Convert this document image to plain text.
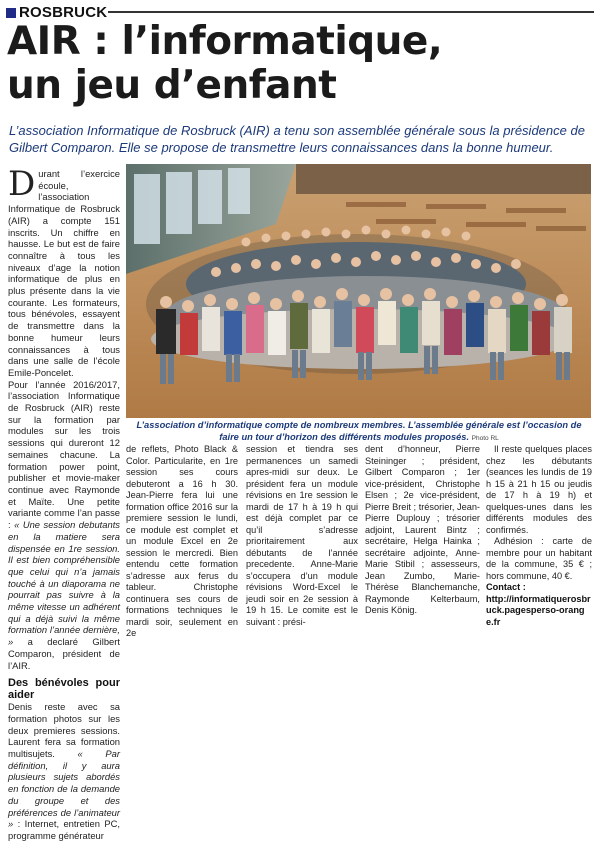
ROSBRUCK
AIR : l’informatique,
un jeu d’enfant

L’association Informatique de Rosbruck (AIR) a tenu son assemblée générale sous la présidence de Gilbert Comparon. Elle se propose de transmettre leurs connaissances dans la bonne humeur.

Durant l’exercice écoule, l’association Informatique de Rosbruck (AIR) a compte 151 inscrits. Un chiffre en hausse. Le but est de faire connaître à tous les niveaux d’age la notion informatique de plus en plus présente dans la vie courante. Les formateurs, tous bénévoles, essayent de transmettre dans la bonne humeur leurs connaissances à tous dans une salle de l’école Emile-Poncelet.

Pour l’année 2016/2017, l’association Informatique de Rosbruck (AIR) reste sur la formation par modules sur les trois sessions qui dureront 12 semaines chacune. La formation power point, publisher et movie-maker continue avec Raymonde et Maïte. Une petite variante comme l’an passe : « Une session debutants en la matiere sera dispensée en 1re session. Il est bien compréhensible que celui qui n’a jamais touché à un diaporama ne pourrait pas suivre à la même vitesse un adhérent qui a déjà suivi la même formation l’année dernière, » a declaré Gilbert Comparon, président de l’AIR.

Des bénévoles pour aider

Denis reste avec sa formation photos sur les deux premieres sessions. Laurent fera sa formation multisujets. « Par définition, il y aura plusieurs sujets abordés en fonction de la demande du groupe et des préférences de l’animateur » : Internet, entretien PC, programme générateur

L’association d’informatique compte de nombreux membres. L’assemblée générale est l’occasion de faire un tour d’horizon des différents modules proposés. Photo RL

de reflets, Photo Black & Color. Particularite, en 1re session ses cours debuteront a 16 h 30. Jean-Pierre fera lui une formation office 2016 sur la premiere session le lundi, ce module est complet et un module Excel en 2e session le mercredi. Bien entendu cette formation s’adresse aux ferus du tableur. Christophe continuera ses cours de formations techniques le mardi soir, seulement en 2e

session et tiendra ses permanences un samedi apres-midi sur deux. Le président fera un module révisions en 1re session le mardi de 17 h à 19 h qui est déjà complet par ce qu’il s’adresse prioritairement aux débutants de l’année precedente. Anne-Marie s’occupera d’un module révisions Word-Excel le jeudi soir en 2e session à 19 h 15. Le comite est le suivant : prési-

dent d’honneur, Pierre Steininger ; président, Gilbert Comparon ; 1er vice-président, Christophe Elsen ; 2e vice-président, Pierre Breit ; trésorier, Jean-Pierre Duplouy ; trésorier adjoint, Laurent Bintz ; secrétaire, Helga Hainka ; secrétaire adjointe, Anne-Marie Stibil ; assesseurs, Jean Zumbo, Marie-Thérèse Blanchemanche, Raymonde Kelterbaum, Denis König.

Il reste quelques places chez les débutants (seances les lundis de 19 h 15 à 21 h 15 ou jeudis de 17 h à 19 h) et quelques-unes dans les différents modules des confirmés.

Adhésion : carte de membre pour un habitant de la commune, 35 € ; hors commune, 40 €.

Contact :

http://informatiquerosbruck.pagesperso-orange.fr
